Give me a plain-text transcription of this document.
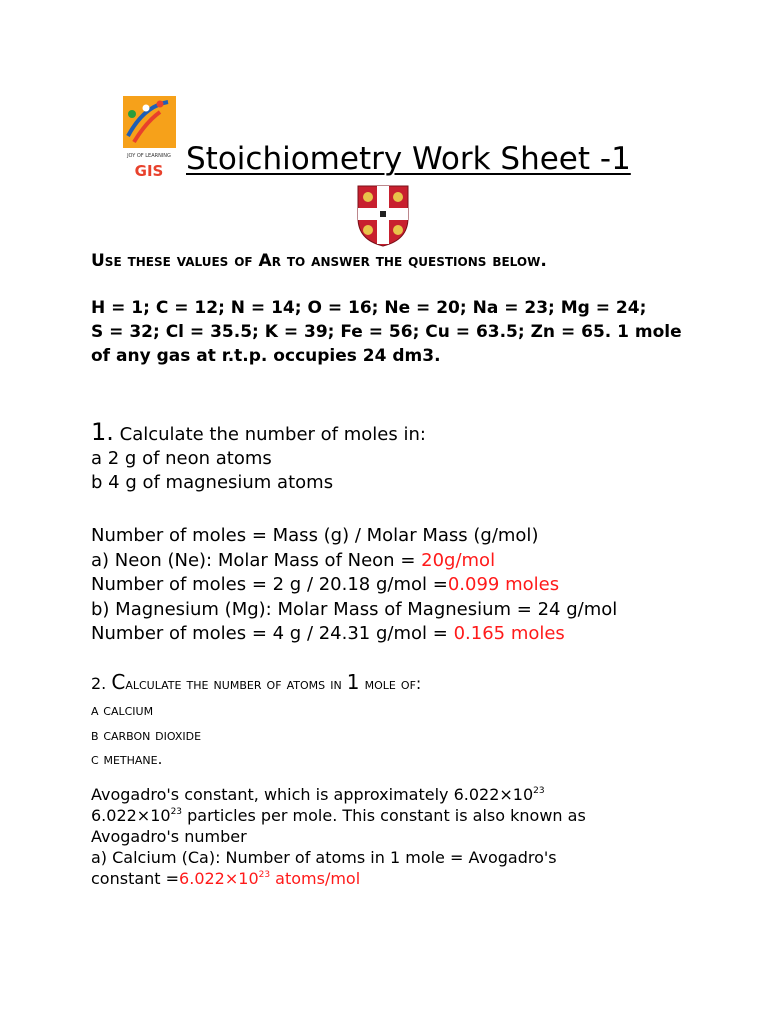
JOY OF LEARNING
GIS Stoichiometry Work Sheet -1
Use these values of Ar to answer the questions below.
H = 1; C = 12; N = 14; O = 16; Ne = 20; Na = 23; Mg = 24;
S = 32; Cl = 35.5; K = 39; Fe = 56; Cu = 63.5; Zn = 65. 1 mole of any gas at r.t.p. occupies 24 dm3.
1. Calculate the number of moles in:
a 2 g of neon atoms
b 4 g of magnesium atoms
Number of moles = Mass (g) / Molar Mass (g/mol)
a) Neon (Ne): Molar Mass of Neon = 20g/mol
Number of moles = 2 g / 20.18 g/mol =0.099 moles
b) Magnesium (Mg): Molar Mass of Magnesium = 24 g/mol
Number of moles = 4 g / 24.31 g/mol = 0.165 moles
2. Calculate the number of atoms in 1 mole of:
a calcium
b carbon dioxide
c methane.
Avogadro's constant, which is approximately $6.022\times 10^{23}$
$6.022\times 10^{23}$ particles per mole. This constant is also known as
Avogadro's number
a) Calcium (Ca): Number of atoms in 1 mole = Avogadro's
constant $=6.022\times 10^{23}$ atoms/mol
